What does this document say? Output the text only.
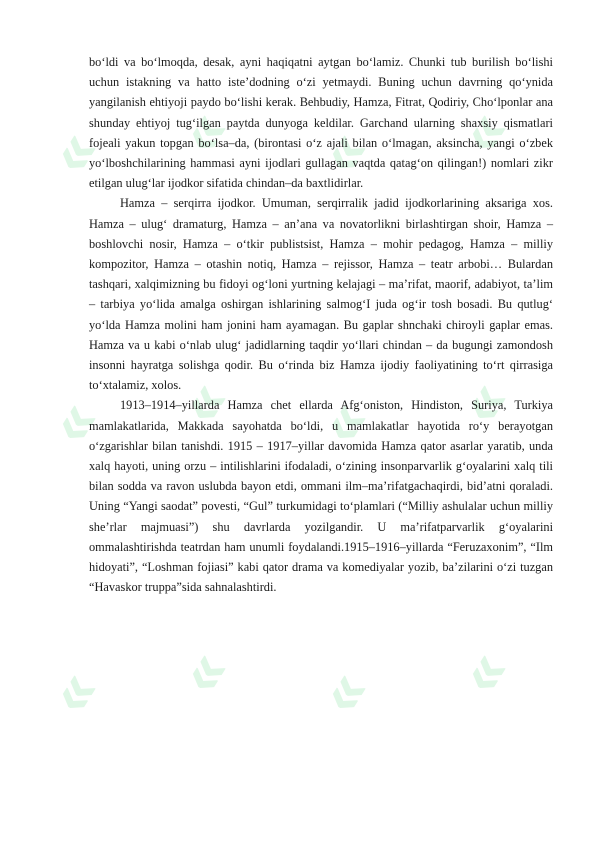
« « « «
« « « «
« « « «

bo‘ldi va bo‘lmoqda, desak, ayni haqiqatni aytgan bo‘lamiz. Chunki tub burilish bo‘lishi uchun istakning va hatto iste’dodning o‘zi yetmaydi. Buning uchun davrning qo‘ynida yangilanish ehtiyoji paydo bo‘lishi kerak. Behbudiy, Hamza, Fitrat, Qodiriy, Cho‘lponlar ana shunday ehtiyoj tug‘ilgan paytda dunyoga keldilar. Garchand ularning shaxsiy qismatlari fojeali yakun topgan bo‘lsa–da, (birontasi o‘z ajali bilan o‘lmagan, aksincha, yangi o‘zbek yo‘lboshchilarining hammasi ayni ijodlari gullagan vaqtda qatag‘on qilingan!) nomlari zikr etilgan ulug‘lar ijodkor sifatida chindan–da baxtlidirlar.

Hamza – serqirra ijodkor. Umuman, serqirralik jadid ijodkorlarining aksariga xos. Hamza – ulug‘ dramaturg, Hamza – an’ana va novatorlikni birlashtirgan shoir, Hamza – boshlovchi nosir, Hamza – o‘tkir publistsist, Hamza – mohir pedagog, Hamza – milliy kompozitor, Hamza – otashin notiq, Hamza – rejissor, Hamza – teatr arbobi… Bulardan tashqari, xalqimizning bu fidoyi og‘loni yurtning kelajagi – ma’rifat, maorif, adabiyot, ta’lim – tarbiya yo‘lida amalga oshirgan ishlarining salmog‘I juda og‘ir tosh bosadi. Bu qutlug‘ yo‘lda Hamza molini ham jonini ham ayamagan. Bu gaplar shnchaki chiroyli gaplar emas. Hamza va u kabi o‘nlab ulug‘ jadidlarning taqdir yo‘llari chindan – da bugungi zamondosh insonni hayratga solishga qodir. Bu o‘rinda biz Hamza ijodiy faoliyatining to‘rt qirrasiga to‘xtalamiz, xolos.

1913–1914–yillarda Hamza chet ellarda Afg‘oniston, Hindiston, Suriya, Turkiya mamlakatlarida, Makkada sayohatda bo‘ldi, u mamlakatlar hayotida ro‘y berayotgan o‘zgarishlar bilan tanishdi. 1915 – 1917–yillar davomida Hamza qator asarlar yaratib, unda xalq hayoti, uning orzu – intilishlarini ifodaladi, o‘zining insonparvarlik g‘oyalarini xalq tili bilan sodda va ravon uslubda bayon etdi, ommani ilm–ma’rifatgachaqirdi, bid’atni qoraladi. Uning “Yangi saodat” povesti, “Gul” turkumidagi to‘plamlari (“Milliy ashulalar uchun milliy she’rlar majmuasi”) shu davrlarda yozilgandir. U ma’rifatparvarlik g‘oyalarini ommalashtirishda teatrdan ham unumli foydalandi.1915–1916–yillarda “Feruzaxonim”, “Ilm hidoyati”, “Loshman fojiasi” kabi qator drama va komediyalar yozib, ba’zilarini o‘zi tuzgan “Havaskor truppa”sida sahnalashtirdi.
